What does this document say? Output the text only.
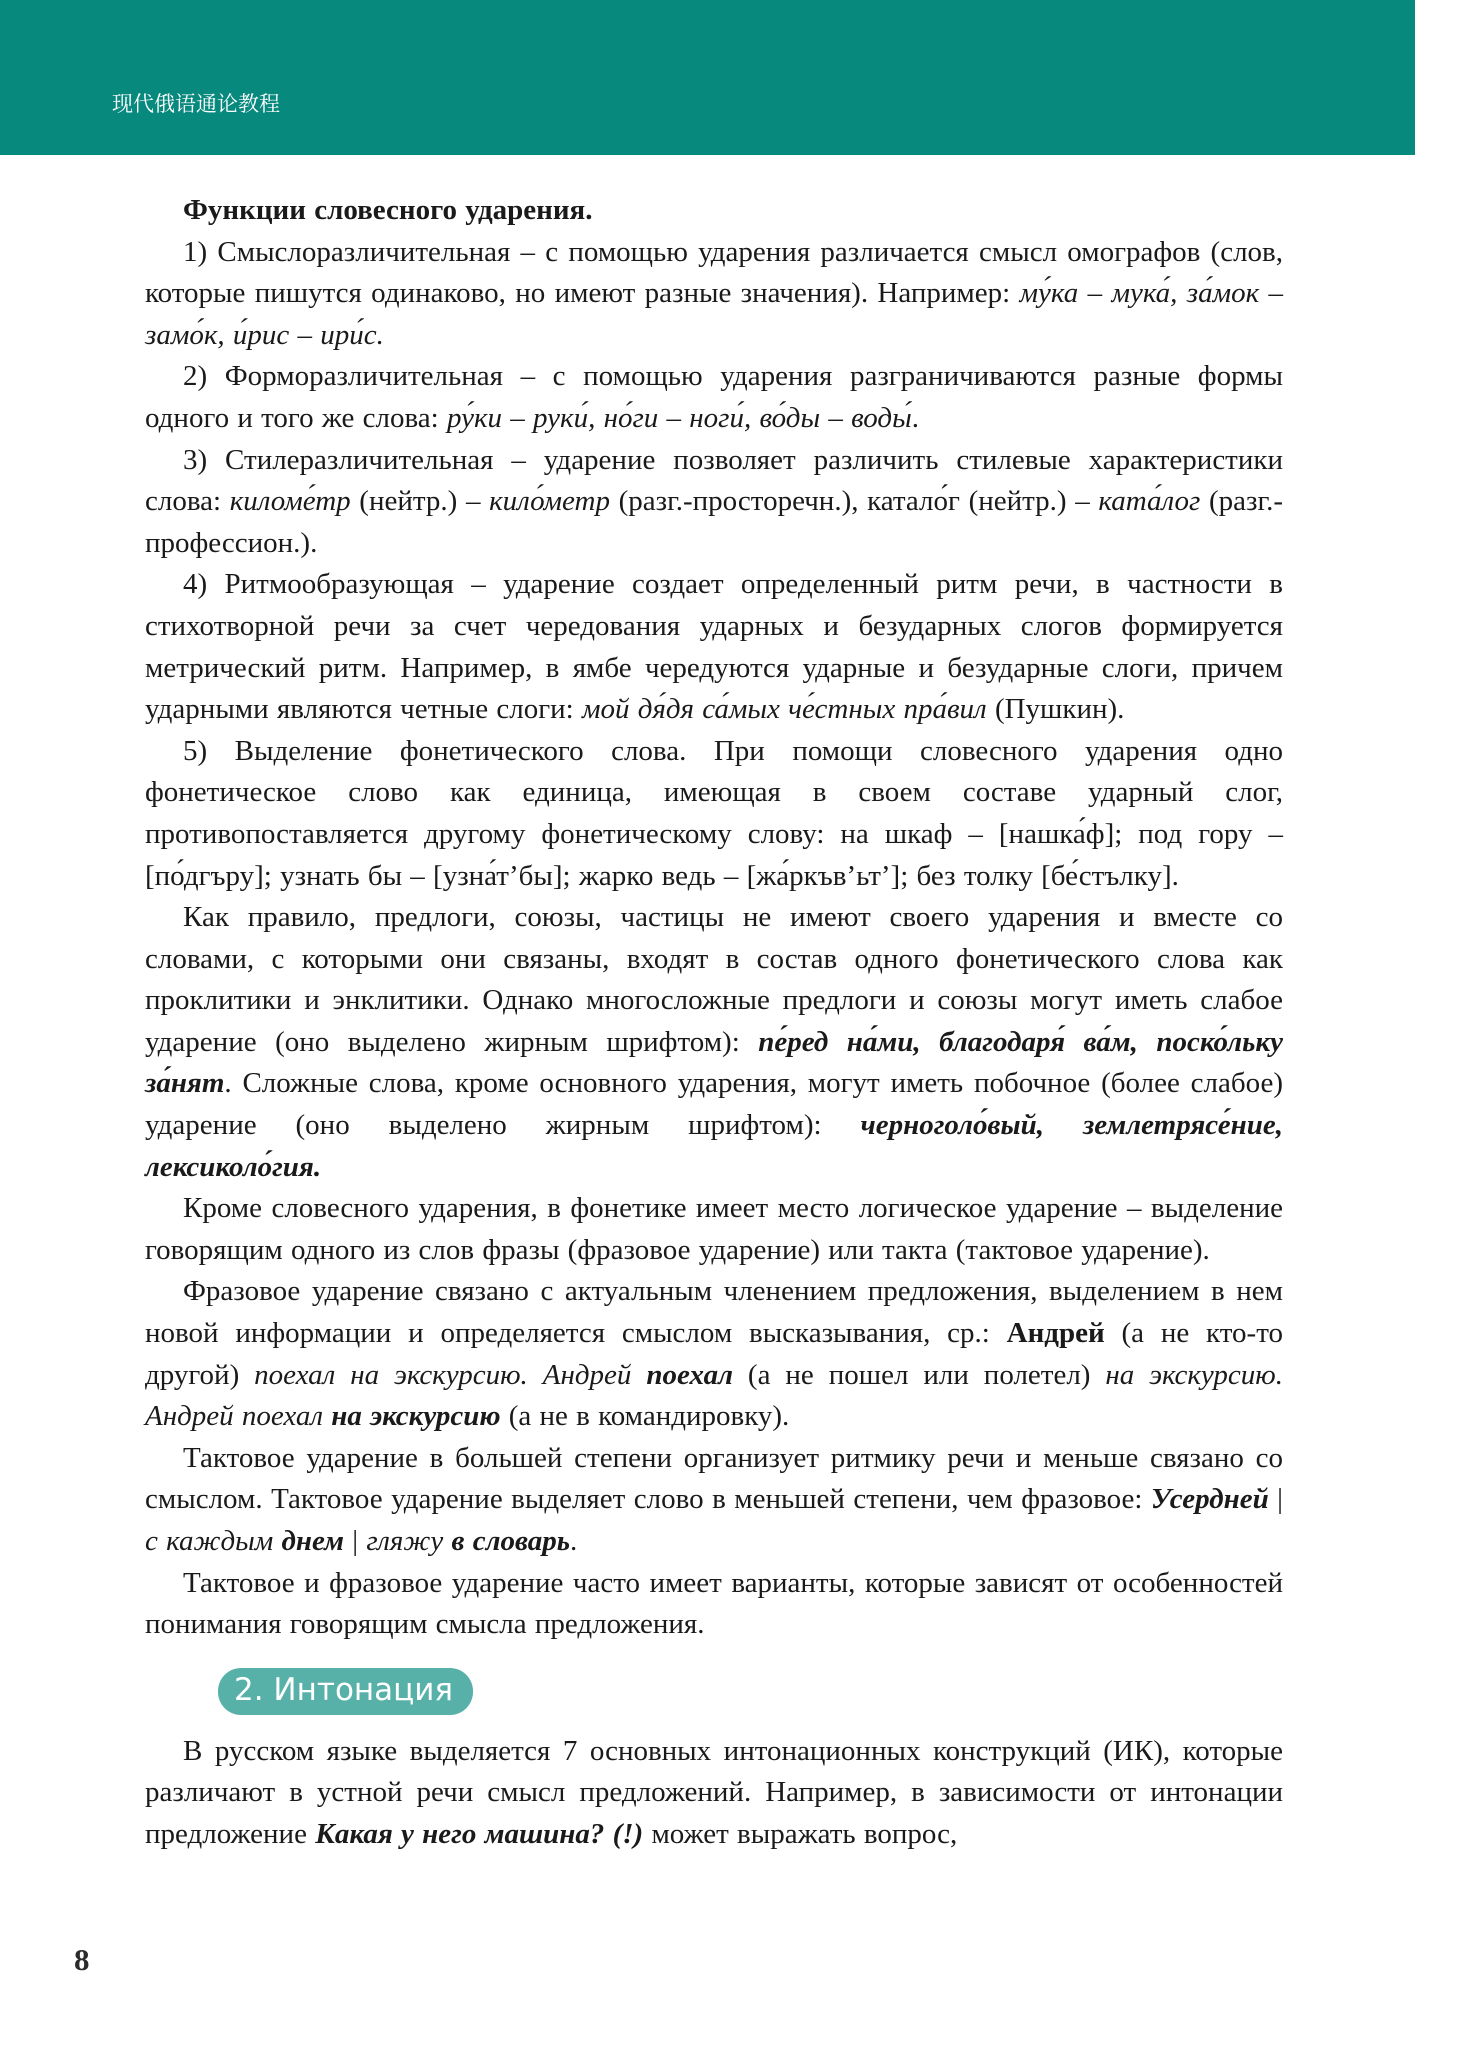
现代俄语通论教程

Функции словесного ударения.

1) Смыслоразличительная – с помощью ударения различается смысл омографов (слов, которые пишутся одинаково, но имеют разные значения). Например: му́ка – мука́, за́мок – замо́к, и́рис – ири́с.

2) Форморазличительная – с помощью ударения разграничиваются разные формы одного и того же слова: ру́ки – руки́, но́ги – ноги́, во́ды – воды́.

3) Стилеразличительная – ударение позволяет различить стилевые характеристики слова: киломе́тр (нейтр.) – кило́метр (разг.-просторечн.), катало́г (нейтр.) – ката́лог (разг.-профессион.).

4) Ритмообразующая – ударение создает определенный ритм речи, в частности в стихотворной речи за счет чередования ударных и безударных слогов формируется метрический ритм. Например, в ямбе чередуются ударные и безударные слоги, причем ударными являются четные слоги: мой дя́дя са́мых че́стных пра́вил (Пушкин).

5) Выделение фонетического слова. При помощи словесного ударения одно фонетическое слово как единица, имеющая в своем составе ударный слог, противопоставляется другому фонетическому слову: на шкаф – [нашка́ф]; под гору – [по́дгъру]; узнать бы – [узна́т’бы]; жарко ведь – [жа́ркъв’ьт’]; без толку [бе́стълку].

Как правило, предлоги, союзы, частицы не имеют своего ударения и вместе со словами, с которыми они связаны, входят в состав одного фонетического слова как проклитики и энклитики. Однако многосложные предлоги и союзы могут иметь слабое ударение (оно выделено жирным шрифтом): пе́ред на́ми, благодаря́ ва́м, поско́льку за́нят. Сложные слова, кроме основного ударения, могут иметь побочное (более слабое) ударение (оно выделено жирным шрифтом): черноголо́вый, землетрясе́ние, лексиколо́гия.

Кроме словесного ударения, в фонетике имеет место логическое ударение – выделение говорящим одного из слов фразы (фразовое ударение) или такта (тактовое ударение).

Фразовое ударение связано с актуальным членением предложения, выделением в нем новой информации и определяется смыслом высказывания, ср.: Андрей (а не кто-то другой) поехал на экскурсию. Андрей поехал (а не пошел или полетел) на экскурсию. Андрей поехал на экскурсию (а не в командировку).

Тактовое ударение в большей степени организует ритмику речи и меньше связано со смыслом. Тактовое ударение выделяет слово в меньшей степени, чем фразовое: Усердней | с каждым днем | гляжу в словарь.

Тактовое и фразовое ударение часто имеет варианты, которые зависят от особенностей понимания говорящим смысла предложения.

2. Интонация

В русском языке выделяется 7 основных интонационных конструкций (ИК), которые различают в устной речи смысл предложений. Например, в зависимости от интонации предложение Какая у него машина? (!) может выражать вопрос,

8
